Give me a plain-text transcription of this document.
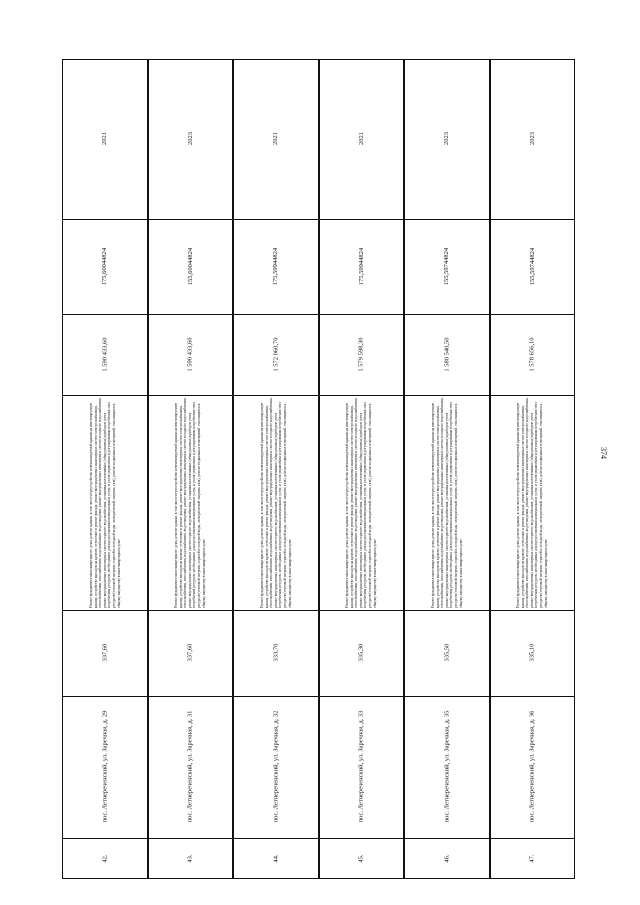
374
42.
пос. Летнереченский, ул. Заречная, д. 29
337,60
Ремонт фундамента многоквартирного дома, ремонт крыши, в том числе переустройство невентилируемой крыши на вентилируемую крышу, устройство выходов на кровлю, утепление и ремонт фасада, ремонт внутридомовых инженерных систем электроснабжения, теплоснабжения, газоснабжения, водоснабжения, водоотведения, ремонт внутридомовых инженерных систем холодного водоснабжения, ремонт внутридомовых инженерных систем горячего водоснабжения, установка коллективных (общедомовых) приборов учета потребления ресурсов, необходимых для предоставления коммунальных услуг, и узлов управления и регулирования потребления этих ресурсов (тепловой энергии, горячей и холодной воды, электрической энергии, газа), ремонт подвальных помещений, относящихся к общему имуществу в многоквартирном доме
1 590 433,60
175,60044824
2021
43.
пос. Летнереченский, ул. Заречная, д. 31
337,60
Ремонт фундамента многоквартирного дома, ремонт крыши, в том числе переустройство невентилируемой крыши на вентилируемую крышу, устройство выходов на кровлю, утепление и ремонт фасада, ремонт внутридомовых инженерных систем электроснабжения, теплоснабжения, газоснабжения, водоснабжения, водоотведения, ремонт внутридомовых инженерных систем холодного водоснабжения, ремонт внутридомовых инженерных систем горячего водоснабжения, установка коллективных (общедомовых) приборов учета потребления ресурсов, необходимых для предоставления коммунальных услуг, и узлов управления и регулирования потребления этих ресурсов (тепловой энергии, горячей и холодной воды, электрической энергии, газа), ремонт подвальных помещений, относящихся к общему имуществу в многоквартирном доме
1 590 433,60
155,60044824
2023
44.
пос. Летнереченский, ул. Заречная, д. 32
333,70
Ремонт фундамента многоквартирного дома, ремонт крыши, в том числе переустройство невентилируемой крыши на вентилируемую крышу, устройство выходов на кровлю, утепление и ремонт фасада, ремонт внутридомовых инженерных систем электроснабжения, теплоснабжения, газоснабжения, водоснабжения, водоотведения, ремонт внутридомовых инженерных систем холодного водоснабжения, ремонт внутридомовых инженерных систем горячего водоснабжения, установка коллективных (общедомовых) приборов учета потребления ресурсов, необходимых для предоставления коммунальных услуг, и узлов управления и регулирования потребления этих ресурсов (тепловой энергии, горячей и холодной воды, электрической энергии, газа), ремонт подвальных помещений, относящихся к общему имуществу в многоквартирном доме
1 572 060,70
175,59944824
2021
45.
пос. Летнереченский, ул. Заречная, д. 33
335,30
Ремонт фундамента многоквартирного дома, ремонт крыши, в том числе переустройство невентилируемой крыши на вентилируемую крышу, устройство выходов на кровлю, утепление и ремонт фасада, ремонт внутридомовых инженерных систем электроснабжения, теплоснабжения, газоснабжения, водоснабжения, водоотведения, ремонт внутридомовых инженерных систем холодного водоснабжения, ремонт внутридомовых инженерных систем горячего водоснабжения, установка коллективных (общедомовых) приборов учета потребления ресурсов, необходимых для предоставления коммунальных услуг, и узлов управления и регулирования потребления этих ресурсов (тепловой энергии, горячей и холодной воды, электрической энергии, газа), ремонт подвальных помещений, относящихся к общему имуществу в многоквартирном доме
1 579 598,30
175,59944824
2021
46.
пос. Летнереченский, ул. Заречная, д. 35
335,50
Ремонт фундамента многоквартирного дома, ремонт крыши, в том числе переустройство невентилируемой крыши на вентилируемую крышу, устройство выходов на кровлю, утепление и ремонт фасада, ремонт внутридомовых инженерных систем электроснабжения, теплоснабжения, газоснабжения, водоснабжения, водоотведения, ремонт внутридомовых инженерных систем холодного водоснабжения, ремонт внутридомовых инженерных систем горячего водоснабжения, установка коллективных (общедомовых) приборов учета потребления ресурсов, необходимых для предоставления коммунальных услуг, и узлов управления и регулирования потребления этих ресурсов (тепловой энергии, горячей и холодной воды, электрической энергии, газа), ремонт подвальных помещений, относящихся к общему имуществу в многоквартирном доме
1 580 540,50
155,59744824
2023
47.
пос. Летнереченский, ул. Заречная, д. 36
335,10
Ремонт фундамента многоквартирного дома, ремонт крыши, в том числе переустройство невентилируемой крыши на вентилируемую крышу, устройство выходов на кровлю, утепление и ремонт фасада, ремонт внутридомовых инженерных систем электроснабжения, теплоснабжения, газоснабжения, водоснабжения, водоотведения, ремонт внутридомовых инженерных систем холодного водоснабжения, ремонт внутридомовых инженерных систем горячего водоснабжения, установка коллективных (общедомовых) приборов учета потребления ресурсов, необходимых для предоставления коммунальных услуг, и узлов управления и регулирования потребления этих ресурсов (тепловой энергии, горячей и холодной воды, электрической энергии, газа), ремонт подвальных помещений, относящихся к общему имуществу в многоквартирном доме
1 578 656,10
155,59744824
2023
